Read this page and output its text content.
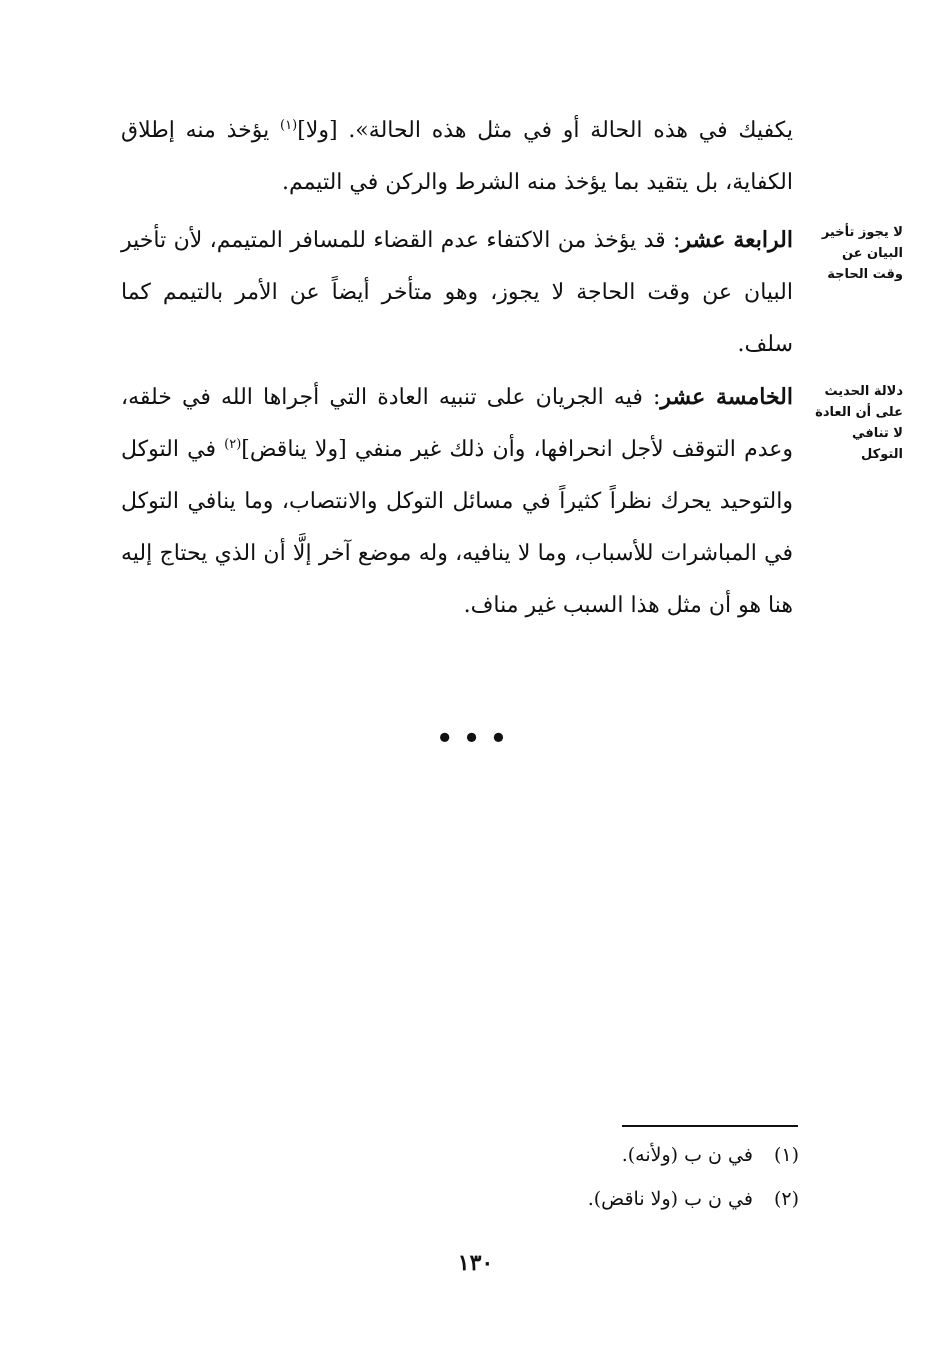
يكفيك في هذه الحالة أو في مثل هذه الحالة». [ولا]$^{(١)}$ يؤخذ منه إطلاق الكفاية، بل يتقيد بما يؤخذ منه الشرط والركن في التيمم.

الرابعة عشر: قد يؤخذ من الاكتفاء عدم القضاء للمسافر المتيمم، لأن تأخير البيان عن وقت الحاجة لا يجوز، وهو متأخر أيضاً عن الأمر بالتيمم كما سلف.

الخامسة عشر: فيه الجريان على تنبيه العادة التي أجراها الله في خلقه، وعدم التوقف لأجل انحرافها، وأن ذلك غير منفي [ولا يناقض]$^{(٢)}$ في التوكل والتوحيد يحرك نظراً كثيراً في مسائل التوكل والانتصاب، وما ينافي التوكل في المباشرات للأسباب، وما لا ينافيه، وله موضع آخر إلَّا أن الذي يحتاج إليه هنا هو أن مثل هذا السبب غير مناف.

لا يجوز تأخير البيان عن وقت الحاجة
دلالة الحديث على أن العادة لا تنافي التوكل
•••
(١) في ن ب (ولأنه).
(٢) في ن ب (ولا ناقض).
١٣٠
